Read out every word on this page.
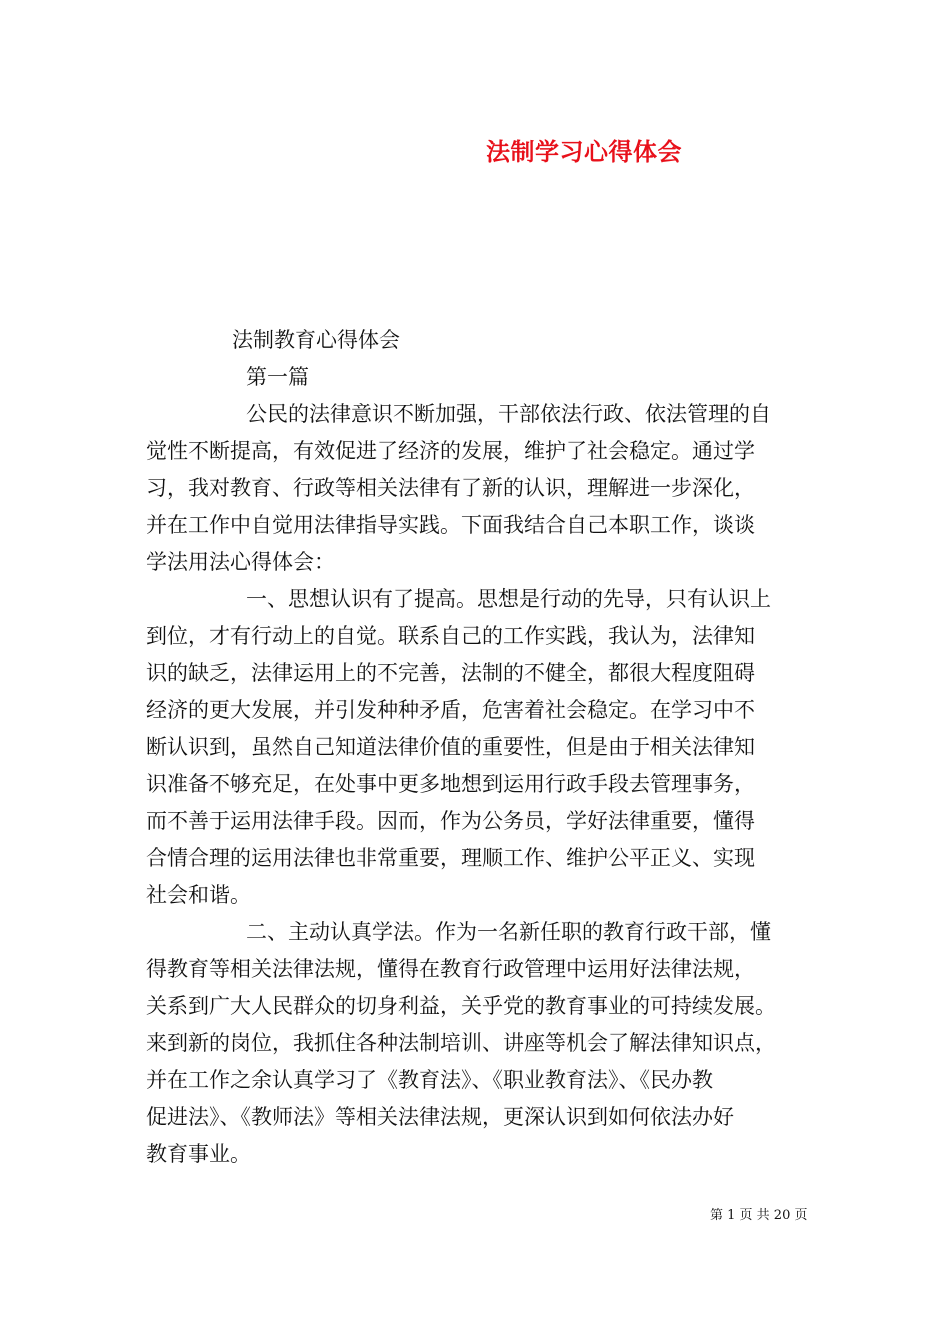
法制学习心得体会
法制教育心得体会
第一篇
公民的法律意识不断加强，干部依法行政、依法管理的自
觉性不断提高，有效促进了经济的发展，维护了社会稳定。通过学
习，我对教育、行政等相关法律有了新的认识，理解进一步深化，
并在工作中自觉用法律指导实践。下面我结合自己本职工作，谈谈
学法用法心得体会：
一、思想认识有了提高。思想是行动的先导，只有认识上
到位，才有行动上的自觉。联系自己的工作实践，我认为，法律知
识的缺乏，法律运用上的不完善，法制的不健全，都很大程度阻碍
经济的更大发展，并引发种种矛盾，危害着社会稳定。在学习中不
断认识到，虽然自己知道法律价值的重要性，但是由于相关法律知
识准备不够充足，在处事中更多地想到运用行政手段去管理事务，
而不善于运用法律手段。因而，作为公务员，学好法律重要，懂得
合情合理的运用法律也非常重要，理顺工作、维护公平正义、实现
社会和谐。
二、主动认真学法。作为一名新任职的教育行政干部，懂
得教育等相关法律法规，懂得在教育行政管理中运用好法律法规，
关系到广大人民群众的切身利益，关乎党的教育事业的可持续发展。
来到新的岗位，我抓住各种法制培训、讲座等机会了解法律知识点，
并在工作之余认真学习了《教育法》、《职业教育法》、《民办教
促进法》、《教师法》等相关法律法规，更深认识到如何依法办好
教育事业。
第 1 页 共 20 页
